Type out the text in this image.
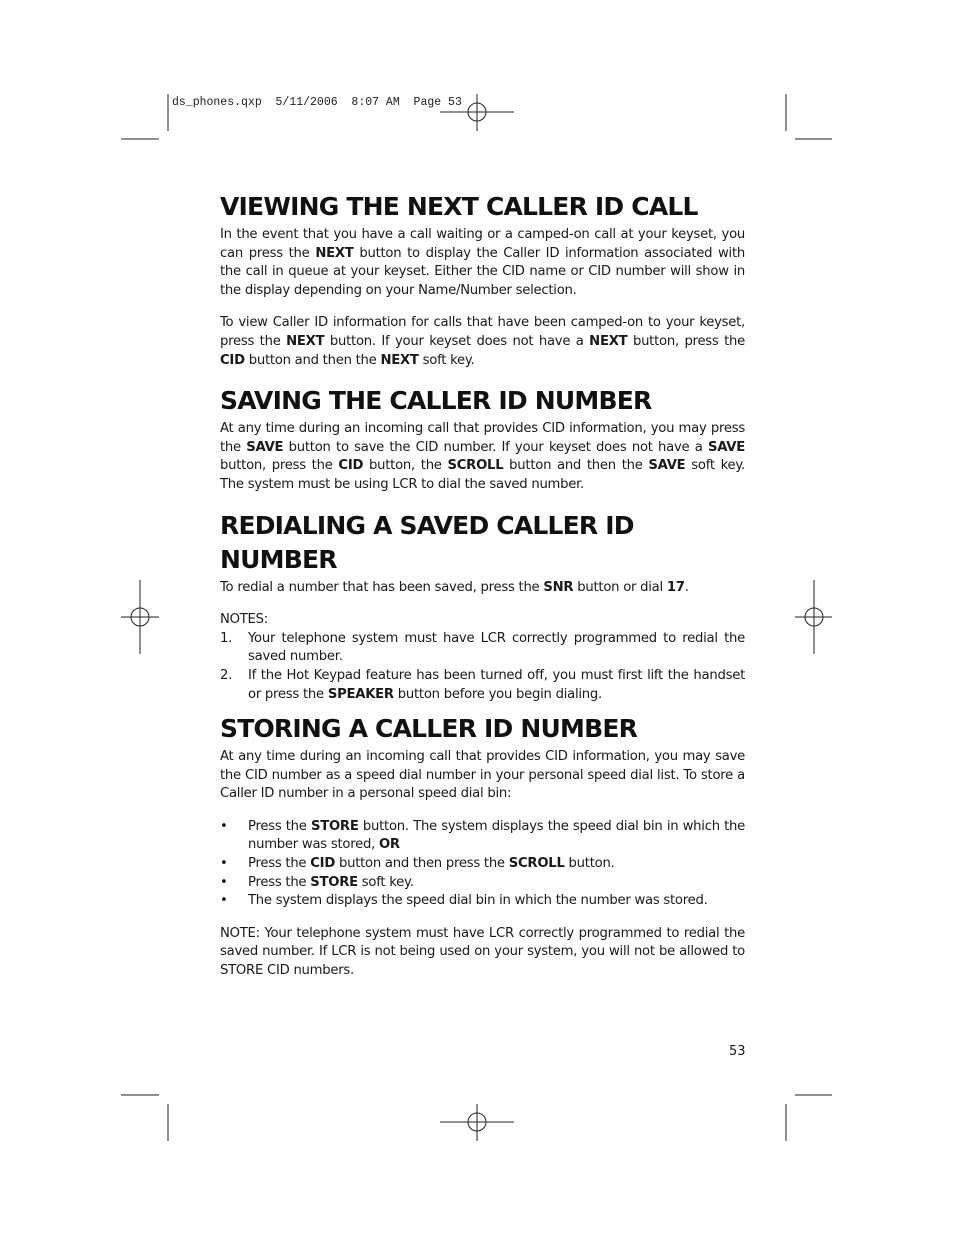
ds_phones.qxp  5/11/2006  8:07 AM  Page 53
VIEWING THE NEXT CALLER ID CALL

In the event that you have a call waiting or a camped-on call at your keyset, you can press the NEXT button to display the Caller ID information associated with the call in queue at your keyset. Either the CID name or CID number will show in the display depending on your Name/Number selection.

To view Caller ID information for calls that have been camped-on to your keyset, press the NEXT button. If your keyset does not have a NEXT button, press the CID button and then the NEXT soft key.

SAVING THE CALLER ID NUMBER

At any time during an incoming call that provides CID information, you may press the SAVE button to save the CID number. If your keyset does not have a SAVE button, press the CID button, the SCROLL button and then the SAVE soft key. The system must be using LCR to dial the saved number.

REDIALING A SAVED CALLER ID
NUMBER

To redial a number that has been saved, press the SNR button or dial 17.

NOTES:

1.	Your telephone system must have LCR correctly programmed to redial the saved number.
2.	If the Hot Keypad feature has been turned off, you must first lift the handset or press the SPEAKER button before you begin dialing.
STORING A CALLER ID NUMBER

At any time during an incoming call that provides CID information, you may save the CID number as a speed dial number in your personal speed dial list. To store a Caller ID number in a personal speed dial bin:

•	Press the STORE button. The system displays the speed dial bin in which the number was stored, OR
•	Press the CID button and then press the SCROLL button.
•	Press the STORE soft key.
•	The system displays the speed dial bin in which the number was stored.

NOTE: Your telephone system must have LCR correctly programmed to redial the saved number. If LCR is not being used on your system, you will not be allowed to STORE CID numbers.

53
